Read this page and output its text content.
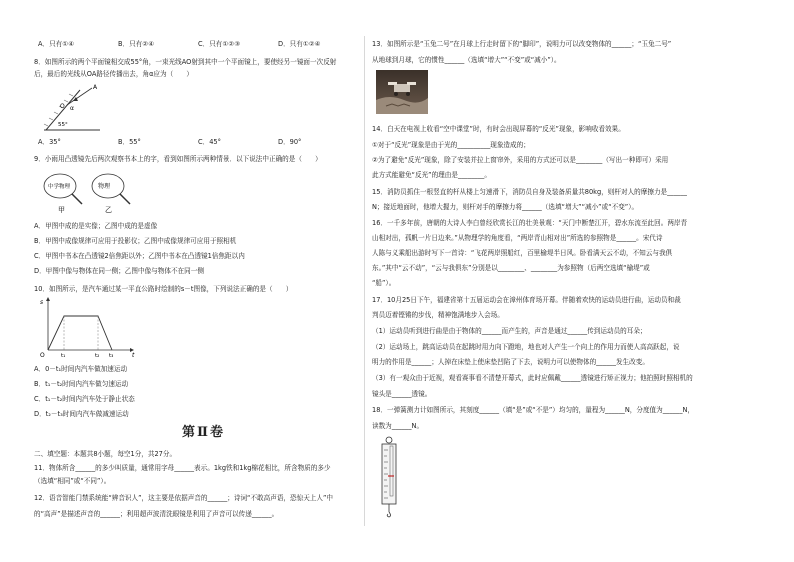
A．只有①④	B．只有②④	C．只有①②③	D．只有①②④
8．如图所示的两个平面镜相交成55°角，一束光线AO射到其中一个平面镜上，要使经另一镜面一次反射
后，最后的光线从OA路径传播出去，角α应为（　　）
A
O α
55°
A．35°	B．55°	C．45°	D．90°
9．小雨用凸透镜先后两次观察书本上的字，看到如图所示两种情景．以下说法中正确的是（　　）
中学物理	物理
甲	乙
A．甲图中成的是实像；乙图中成的是虚像
B．甲图中成像规律可应用于投影仪；乙图中成像规律可应用于照相机
C．甲图中书本在凸透镜2倍焦距以外；乙图中书本在凸透镜1倍焦距以内
D．甲图中像与物体在同一侧；乙图中像与物体不在同一侧
10．如图所示，是汽车通过某一平直公路时绘制的s－t图像，下列说法正确的是（　　）
s
t
O	t₁	t₂ t₃
A．0－t₁时间内汽车做加速运动
B．t₁－t₂时间内汽车做匀速运动
C．t₁－t₂时间内汽车处于静止状态
D．t₂－t₃时间内汽车做减速运动
第Ⅱ卷
二、填空题：本题共8小题，每空1分，共27分。
11．物体所含______的多少叫质量，通常用字母______表示。1kg铁和1kg棉花相比，所含物质的多少
（选填“相同”或“不同”）。
12．语音智能门禁系统能“辨音识人”，这主要是依据声音的______；诗词“不敢高声语，恐惊天上人”中
的“高声”是描述声音的______；利用超声波清洗眼镜是利用了声音可以传递______。
13．如图所示是“玉兔二号”在月球上行走时留下的“脚印”，说明力可以改变物体的______；“玉兔二号”
从地球到月球，它的惯性______（选填“增大”“不变”或“减小”）。
14．白天在电视上收看“空中课堂”时，有时会出现屏幕的“反光”现象，影响收看效果。
①对于“反光”现象是由于光的__________现象造成的；
②为了避免“反光”现象，除了安装并拉上窗帘外，采用的方式还可以是________（写出一种即可）采用
此方式能避免“反光”的理由是________。
15．消防员抓住一根竖直的杆从楼上匀速滑下，消防员自身及装备质量共80kg，则杆对人的摩擦力是______
N；接近地面时，他增大握力，则杆对手的摩擦力将______（选填“增大”“减小”或“不变”）。
16．一千多年前，唐朝的大诗人李白曾经欣赏长江的壮美景观：“天门中断楚江开，碧水东流至此回。两岸青
山相对出，孤帆一片日边来。”从物理学的角度看，“两岸青山相对出”所选的参照物是______。宋代诗
人陈与义乘船出游时写下一首诗：“飞花两岸照船红，百里榆堤半日风。卧看满天云不动，不知云与我俱
东。”其中“云不动”，“云与我俱东”分别是以________、________为参照物（后两空选填“榆堤”或
“船”）。
17．10月25日下午，福建省第十五届运动会在漳州体育场开幕。伴随着欢快的运动员进行曲，运动员和裁
判员迈着铿锵的步伐，精神饱满地步入会场。
（1）运动员听到进行曲是由于物体的______而产生的，声音是通过______传到运动员的耳朵；
（2）运动场上，跳高运动员在起跳时用力向下蹬地，地也对人产生一个向上的作用力而使人高高跃起，说
明力的作用是______；人掉在床垫上使床垫凹陷了下去，说明力可以使物体的______发生改变。
（3）有一观众由于近视，观看赛事看不清楚开幕式，此时应佩戴______透镜进行矫正视力；他拍照时照相机的
镜头是______透镜。
18．一弹簧测力计如图所示，其刻度______（填“是”或“不是”）均匀的，量程为______N，分度值为______N，
读数为______N。
